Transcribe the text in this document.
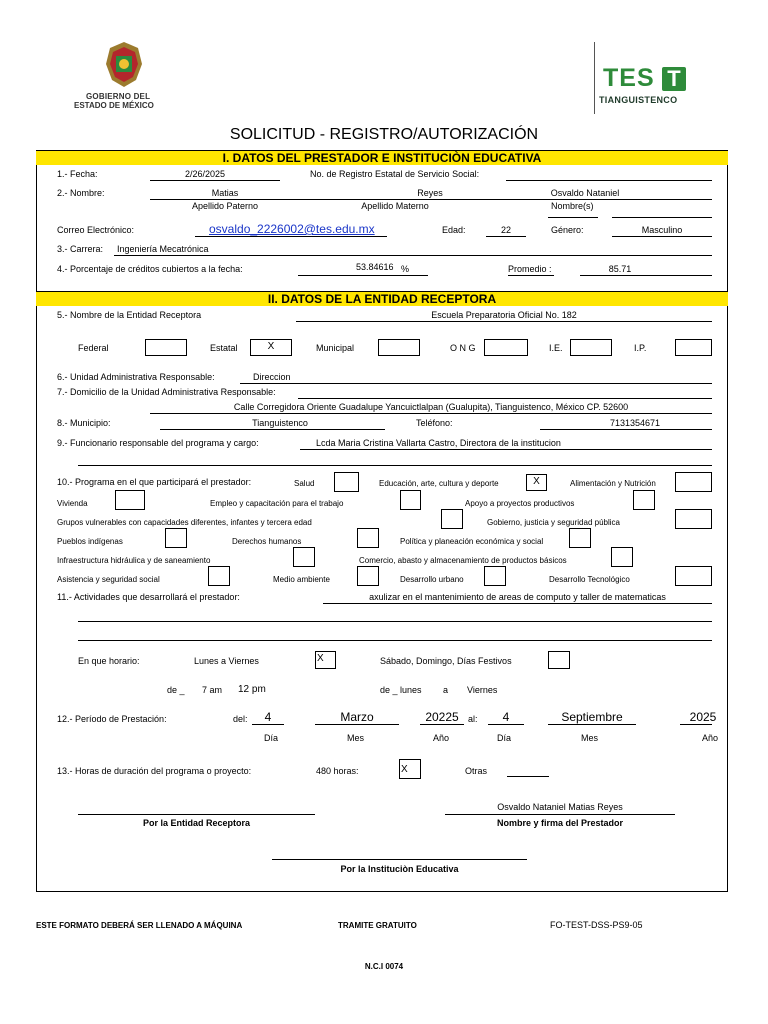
GOBIERNO DEL
ESTADO DE MÉXICO
TES T
TIANGUISTENCO
SOLICITUD - REGISTRO/AUTORIZACIÓN
I. DATOS DEL PRESTADOR E INSTITUCIÒN EDUCATIVA
1.- Fecha:	2/26/2025	No. de Registro Estatal de Servicio Social:
2.- Nombre:	Matias	Reyes	Osvaldo Nataniel
Apellido Paterno	Apellido Materno	Nombre(s)
Correo Electrónico:	osvaldo_2226002@tes.edu.mx	Edad:	22	Género:	Masculino
3.- Carrera: Ingeniería Mecatrónica
4.- Porcentaje de créditos cubiertos a la fecha:	53.84616 %	Promedio :	85.71
II. DATOS DE LA ENTIDAD RECEPTORA
5.- Nombre de la Entidad Receptora	Escuela Preparatoria Oficial No. 182
Federal	Estatal	X	Municipal	O N G	I.E.	I.P.
6.- Unidad Administrativa Responsable:	Direccion
7.- Domicilio de la Unidad Administrativa Responsable:
Calle Corregidora Oriente Guadalupe Yancuictlalpan (Gualupita), Tianguistenco, México CP. 52600
8.- Municipio:	Tianguistenco	Teléfono:	7131354671
9.- Funcionario responsable del programa y cargo:	Lcda Maria Cristina Vallarta Castro, Directora de la institucion
10.- Programa en el que participará el prestador:	Salud	Educación, arte, cultura y deporte	X	Alimentación y Nutrición
Vivienda	Empleo y capacitación para el trabajo	Apoyo a proyectos productivos
Grupos vulnerables con capacidades diferentes, infantes y tercera edad	Gobierno, justicia y seguridad pública
Pueblos indígenas	Derechos humanos	Política y planeación económica y social
Infraestructura hidráulica y de saneamiento	Comercio, abasto y almacenamiento de productos básicos
Asistencia y seguridad social	Medio ambiente	Desarrollo urbano	Desarrollo Tecnológico
11.- Actividades que desarrollará el prestador:	axulizar en el mantenimiento de areas de computo y taller de matematicas
En que horario:	Lunes a Viernes	X	Sábado, Domingo, Días Festivos
de _ 7 am 12 pm	de _ lunes a Viernes
12.- Período de Prestación:	del:	4	Marzo	20225	al:	4	Septiembre	2025
Día	Mes	Año	Día	Mes	Año
13.- Horas de duración del programa o proyecto:	480 horas:	X	Otras
Osvaldo Nataniel Matias Reyes
Por la Entidad Receptora	Nombre y firma del Prestador
Por la Instituciòn Educativa
ESTE FORMATO DEBERÁ SER LLENADO A MÁQUINA	TRAMITE GRATUITO	FO-TEST-DSS-PS9-05
N.C.I 0074
